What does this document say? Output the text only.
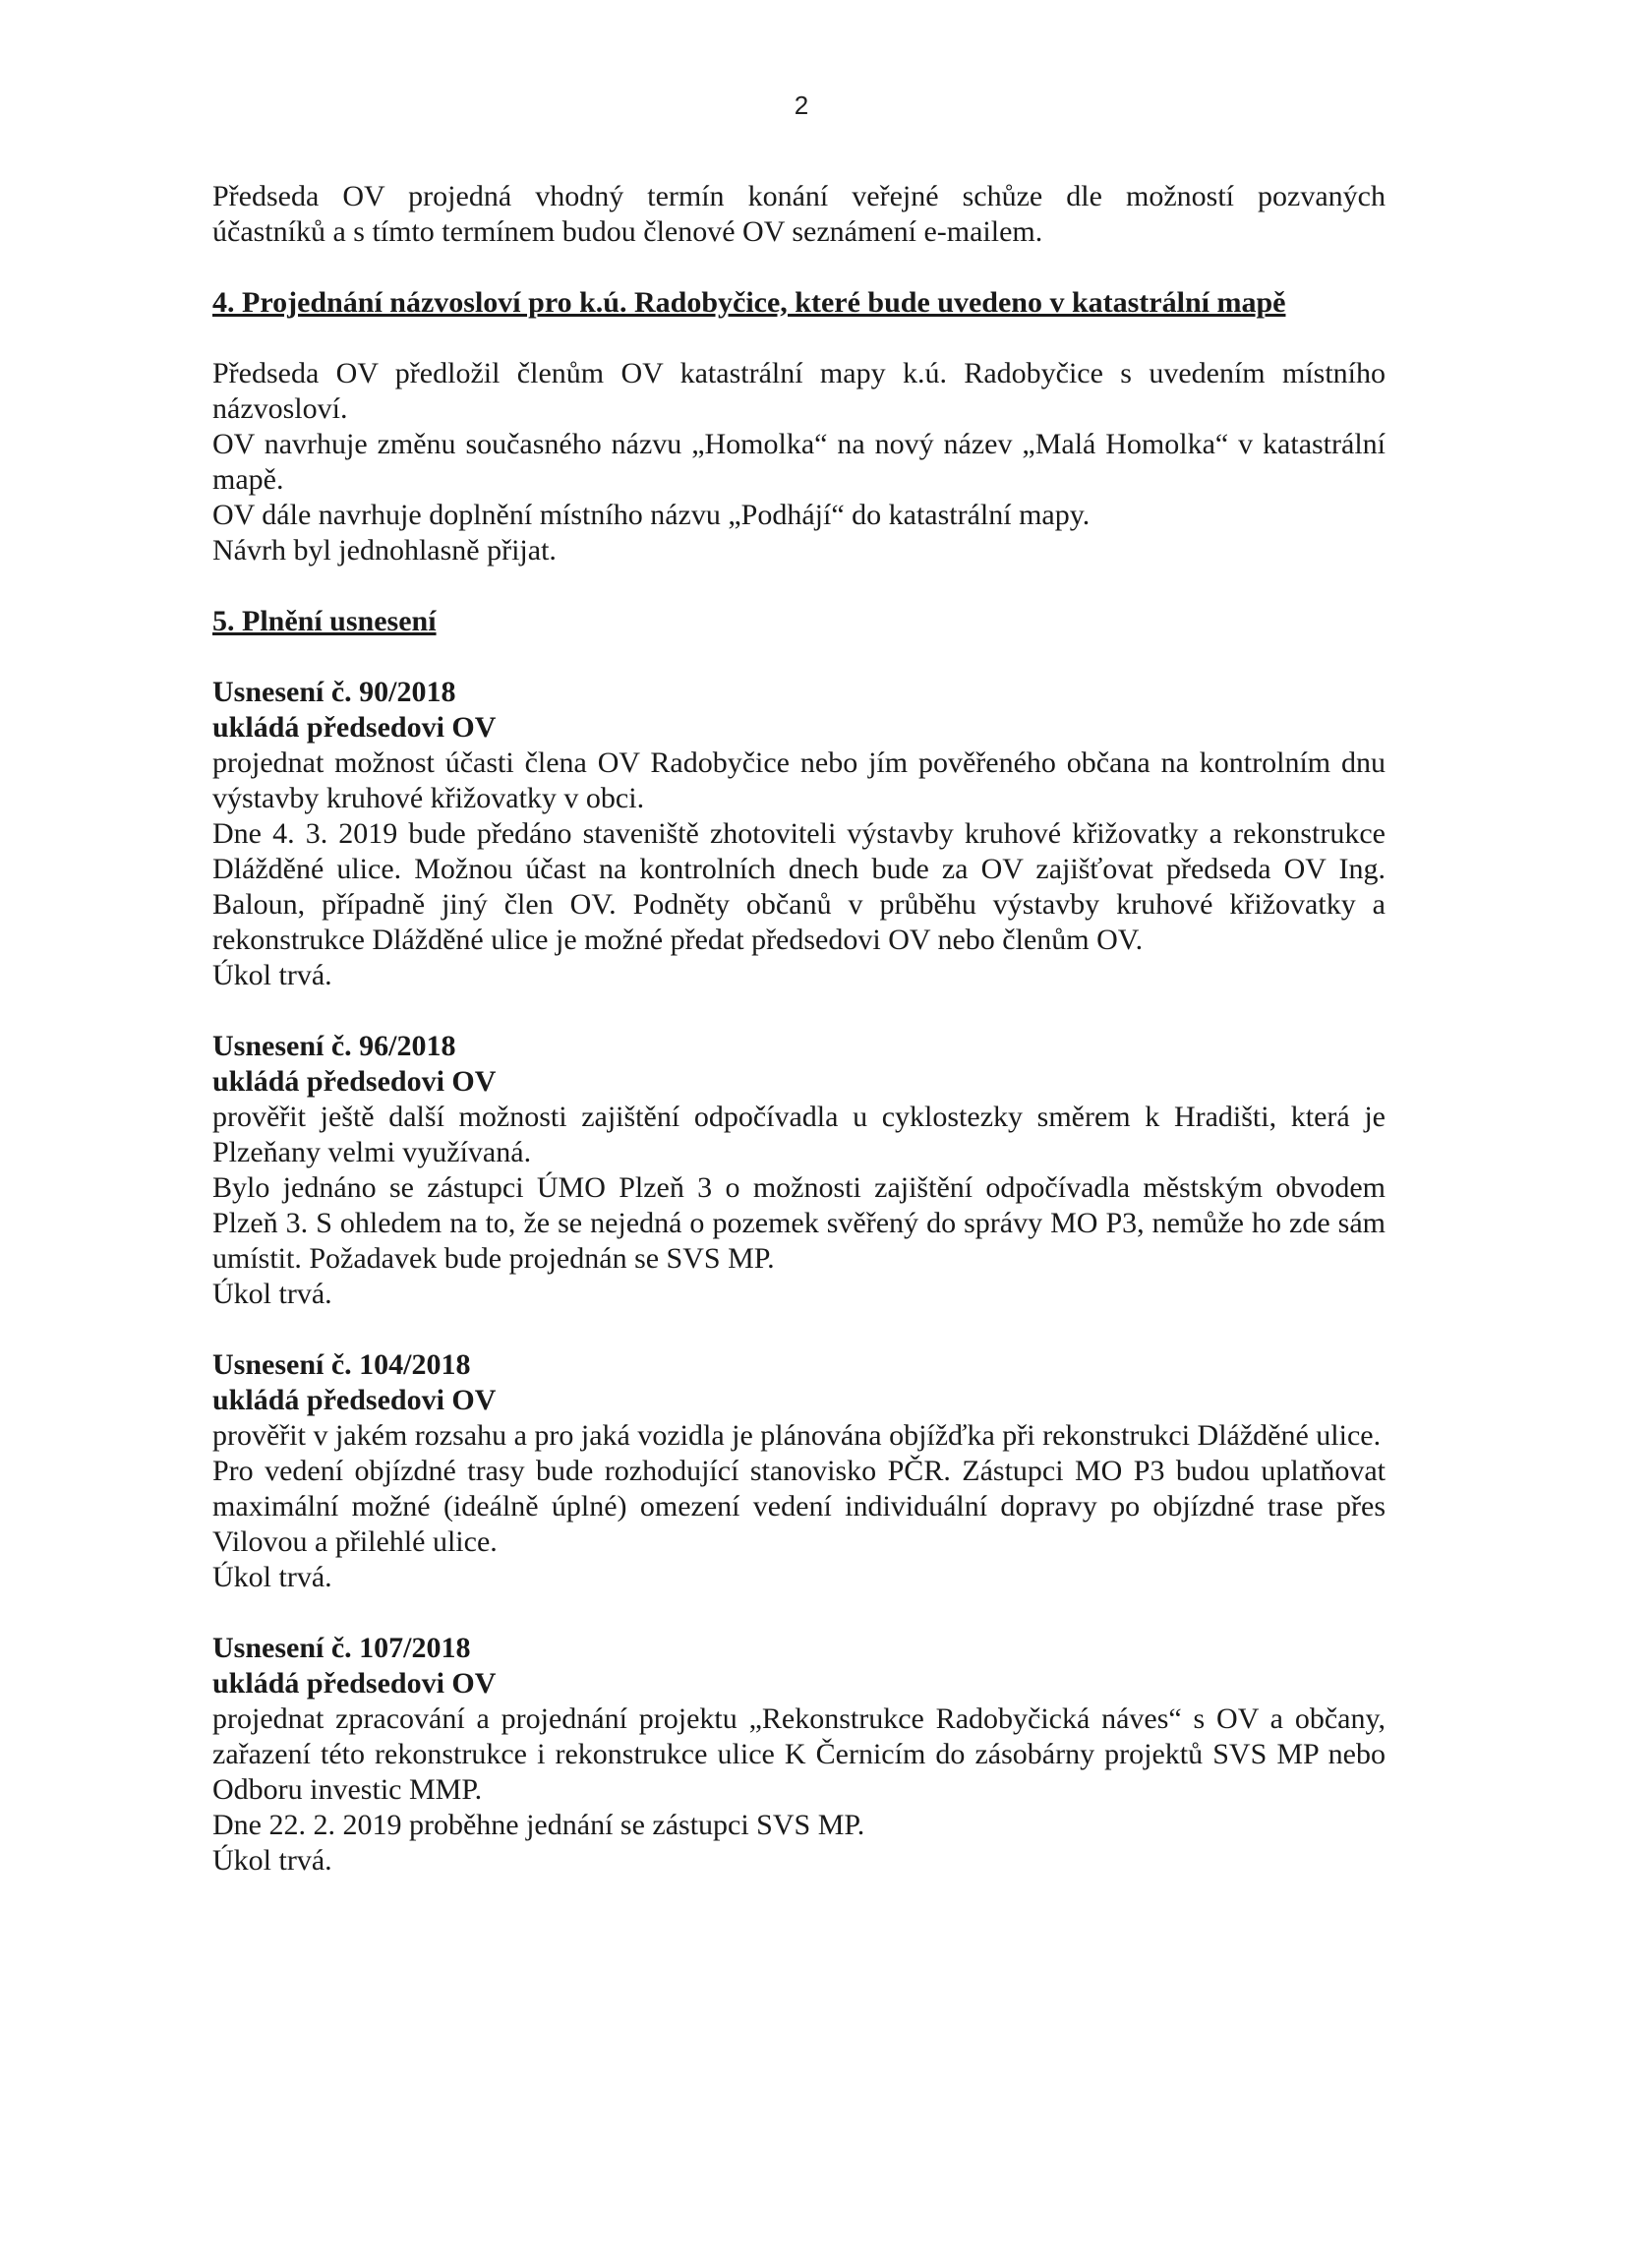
2

Předseda OV projedná vhodný termín konání veřejné schůze dle možností pozvaných

účastníků a s tímto termínem budou členové OV seznámení e-mailem.

4. Projednání názvosloví pro k.ú. Radobyčice, které bude uvedeno v katastrální mapě

Předseda OV předložil členům OV katastrální mapy k.ú. Radobyčice s uvedením místního názvosloví.

OV navrhuje změnu současného názvu „Homolka“ na nový název „Malá Homolka“ v katastrální mapě.

OV dále navrhuje doplnění místního názvu „Podhájí“ do katastrální mapy.

Návrh byl jednohlasně přijat.

5. Plnění usnesení

Usnesení č. 90/2018

ukládá předsedovi OV

projednat možnost účasti člena OV Radobyčice nebo jím pověřeného občana na kontrolním dnu výstavby kruhové křižovatky v obci.

Dne 4. 3. 2019 bude předáno staveniště zhotoviteli výstavby kruhové křižovatky a rekonstrukce Dlážděné ulice. Možnou účast na kontrolních dnech bude za OV zajišťovat předseda OV Ing. Baloun, případně jiný člen OV. Podněty občanů v průběhu výstavby kruhové křižovatky a rekonstrukce Dlážděné ulice je možné předat předsedovi OV nebo členům OV.

Úkol trvá.

Usnesení č. 96/2018

ukládá předsedovi OV

prověřit ještě další možnosti zajištění odpočívadla u cyklostezky směrem k Hradišti, která je Plzeňany velmi využívaná.

Bylo jednáno se zástupci ÚMO Plzeň 3 o možnosti zajištění odpočívadla městským obvodem Plzeň 3. S ohledem na to, že se nejedná o pozemek svěřený do správy MO P3, nemůže ho zde sám umístit. Požadavek bude projednán se SVS MP.

Úkol trvá.

Usnesení č. 104/2018

ukládá předsedovi OV

prověřit v jakém rozsahu a pro jaká vozidla je plánována objížďka při rekonstrukci Dlážděné ulice.

Pro vedení objízdné trasy bude rozhodující stanovisko PČR. Zástupci MO P3 budou uplatňovat maximální možné (ideálně úplné) omezení vedení individuální dopravy po objízdné trase přes Vilovou a přilehlé ulice.

Úkol trvá.

Usnesení č. 107/2018

ukládá předsedovi OV

projednat zpracování a projednání projektu „Rekonstrukce Radobyčická náves“ s OV a občany, zařazení této rekonstrukce i rekonstrukce ulice K Černicím do zásobárny projektů SVS MP nebo Odboru investic MMP.

Dne 22. 2. 2019 proběhne jednání se zástupci SVS MP.

Úkol trvá.
